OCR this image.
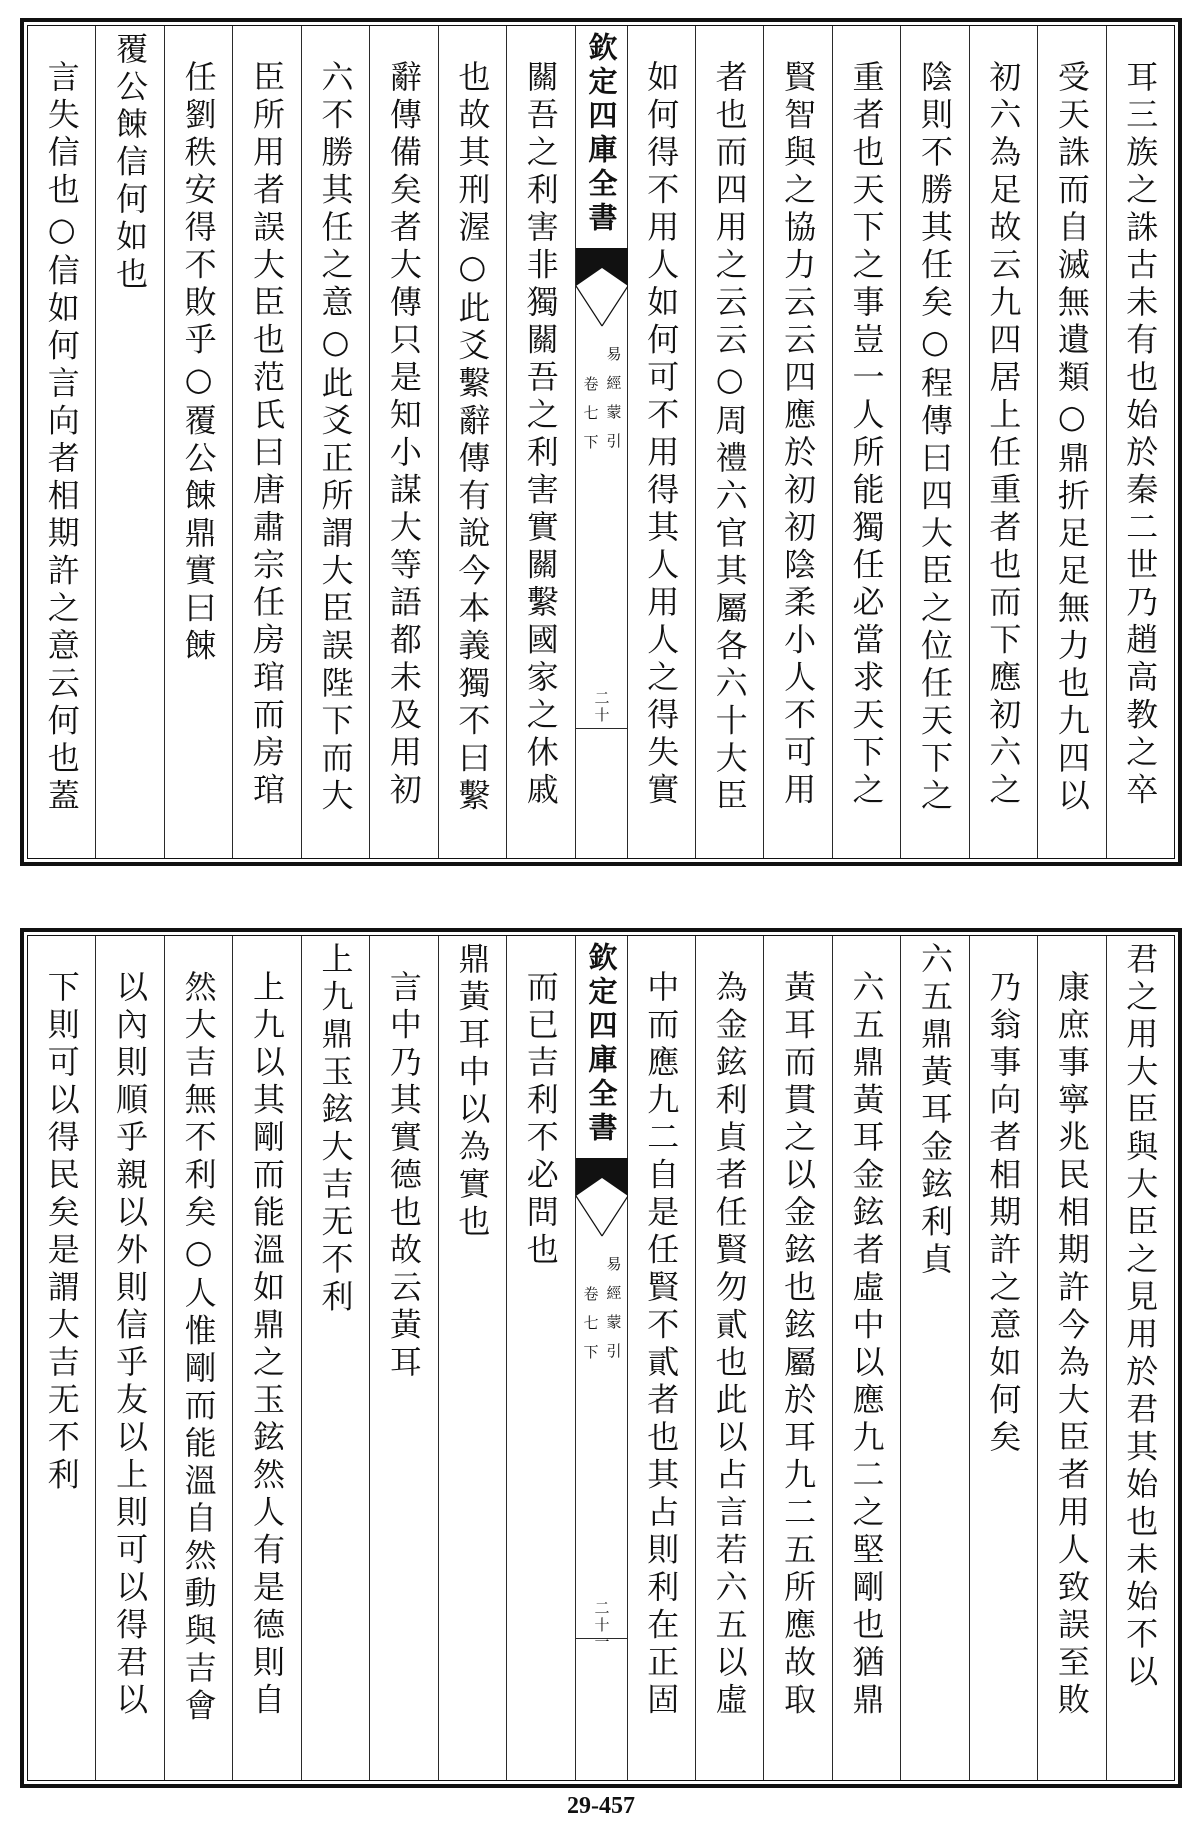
耳三族之誅古未有也始於秦二世乃趙高教之卒
受天誅而自滅無遺類○鼎折足足無力也九四以
初六為足故云九四居上任重者也而下應初六之
陰則不勝其任矣○程傳曰四大臣之位任天下之
重者也天下之事豈一人所能獨任必當求天下之
賢智與之協力云云四應於初初陰柔小人不可用
者也而四用之云云○周禮六官其屬各六十大臣
如何得不用人如何可不用得其人用人之得失實
欽定四庫全書
易經蒙引
卷七下
二十
關吾之利害非獨關吾之利害實關繫國家之休戚
也故其刑渥○此爻繫辭傳有說今本義獨不曰繫
辭傳備矣者大傳只是知小謀大等語都未及用初
六不勝其任之意○此爻正所謂大臣誤陛下而大
臣所用者誤大臣也范氏曰唐肅宗任房琯而房琯
任劉秩安得不敗乎○覆公餗鼎實曰餗
覆公餗信何如也
言失信也○信如何言向者相期許之意云何也蓋
君之用大臣與大臣之見用於君其始也未始不以
康庶事寧兆民相期許今為大臣者用人致誤至敗
乃翁事向者相期許之意如何矣
六五鼎黃耳金鉉利貞
六五鼎黃耳金鉉者虛中以應九二之堅剛也猶鼎
黃耳而貫之以金鉉也鉉屬於耳九二五所應故取
為金鉉利貞者任賢勿貳也此以占言若六五以虛
中而應九二自是任賢不貳者也其占則利在正固
欽定四庫全書
易經蒙引
卷七下
二十一
而已吉利不必問也
鼎黃耳中以為實也
言中乃其實德也故云黃耳
上九鼎玉鉉大吉无不利
上九以其剛而能溫如鼎之玉鉉然人有是德則自
然大吉無不利矣○人惟剛而能溫自然動與吉會
以內則順乎親以外則信乎友以上則可以得君以
下則可以得民矣是謂大吉无不利
29-457
